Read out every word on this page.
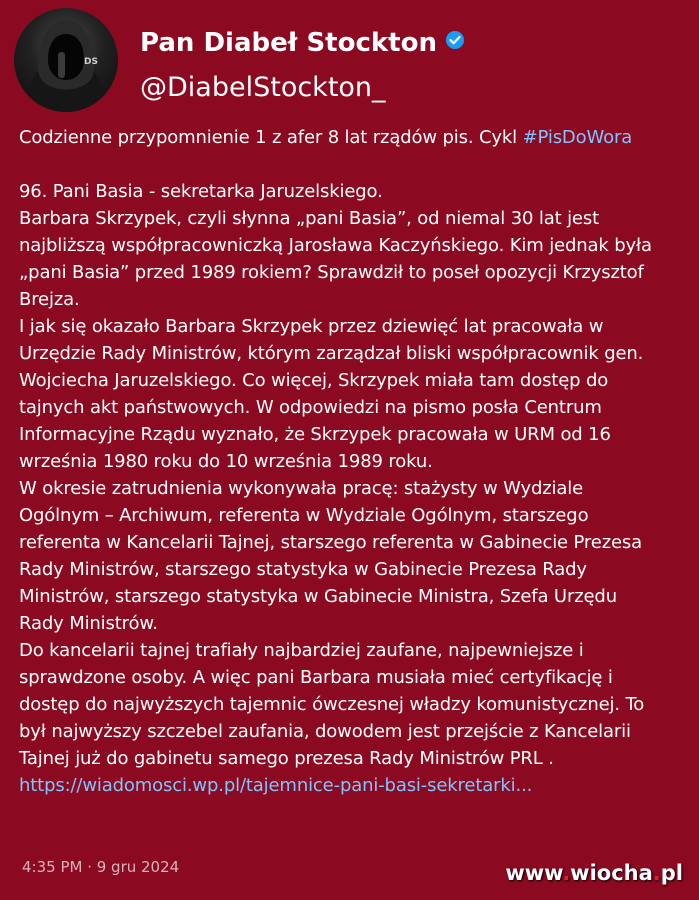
DS
Pan Diabeł Stockton
@DiabelStockton_
Codzienne przypomnienie 1 z afer 8 lat rządów pis. Cykl #PisDoWora
96. Pani Basia - sekretarka Jaruzelskiego.
Barbara Skrzypek, czyli słynna „pani Basia”, od niemal 30 lat jest
najbliższą współpracowniczką Jarosława Kaczyńskiego. Kim jednak była
„pani Basia” przed 1989 rokiem? Sprawdził to poseł opozycji Krzysztof
Brejza.
I jak się okazało Barbara Skrzypek przez dziewięć lat pracowała w
Urzędzie Rady Ministrów, którym zarządzał bliski współpracownik gen.
Wojciecha Jaruzelskiego. Co więcej, Skrzypek miała tam dostęp do
tajnych akt państwowych. W odpowiedzi na pismo posła Centrum
Informacyjne Rządu wyznało, że Skrzypek pracowała w URM od 16
września 1980 roku do 10 września 1989 roku.
W okresie zatrudnienia wykonywała pracę: stażysty w Wydziale
Ogólnym – Archiwum, referenta w Wydziale Ogólnym, starszego
referenta w Kancelarii Tajnej, starszego referenta w Gabinecie Prezesa
Rady Ministrów, starszego statystyka w Gabinecie Prezesa Rady
Ministrów, starszego statystyka w Gabinecie Ministra, Szefa Urzędu
Rady Ministrów.
Do kancelarii tajnej trafiały najbardziej zaufane, najpewniejsze i
sprawdzone osoby. A więc pani Barbara musiała mieć certyfikację i
dostęp do najwyższych tajemnic ówczesnej władzy komunistycznej. To
był najwyższy szczebel zaufania, dowodem jest przejście z Kancelarii
Tajnej już do gabinetu samego prezesa Rady Ministrów PRL .
https://wiadomosci.wp.pl/tajemnice-pani-basi-sekretarki...
4:35 PM · 9 gru 2024	www.wiocha.pl
